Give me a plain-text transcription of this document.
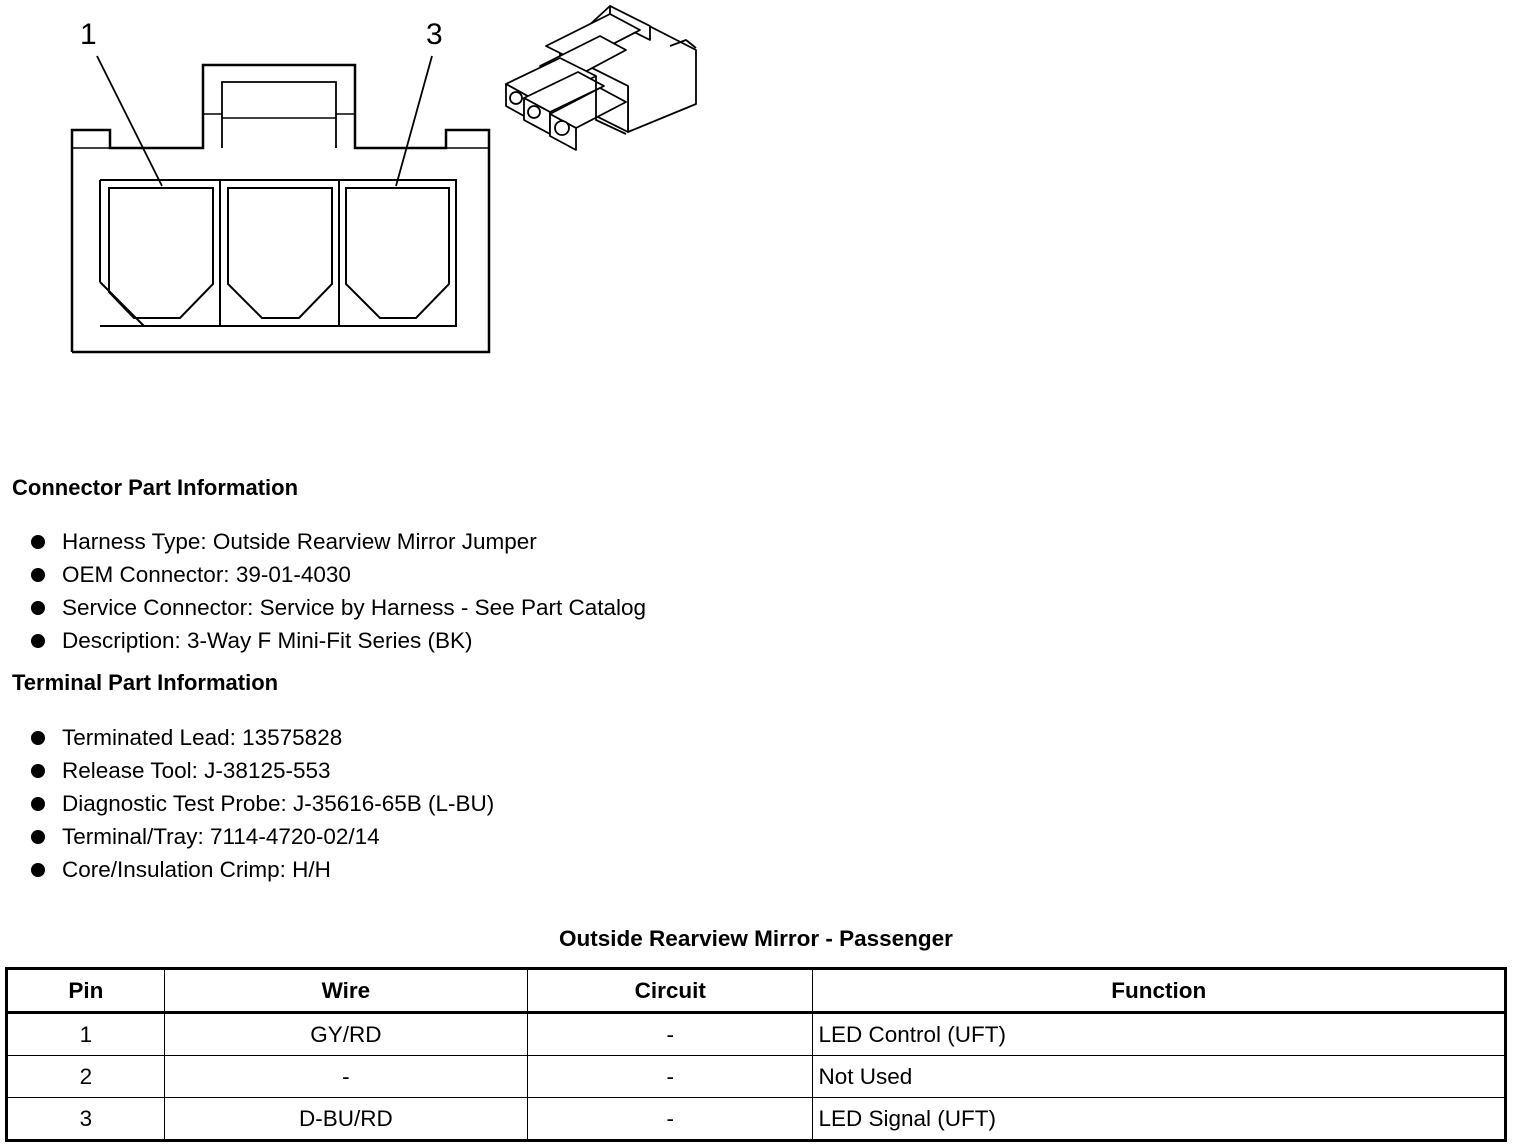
1	3
Connector Part Information
Harness Type: Outside Rearview Mirror Jumper
OEM Connector: 39-01-4030
Service Connector: Service by Harness - See Part Catalog
Description: 3-Way F Mini-Fit Series (BK)
Terminal Part Information
Terminated Lead: 13575828
Release Tool: J-38125-553
Diagnostic Test Probe: J-35616-65B (L-BU)
Terminal/Tray: 7114-4720-02/14
Core/Insulation Crimp: H/H
Outside Rearview Mirror - Passenger
Pin	Wire	Circuit	Function
1	GY/RD	-	LED Control (UFT)
2	-	-	Not Used
3	D-BU/RD	-	LED Signal (UFT)
